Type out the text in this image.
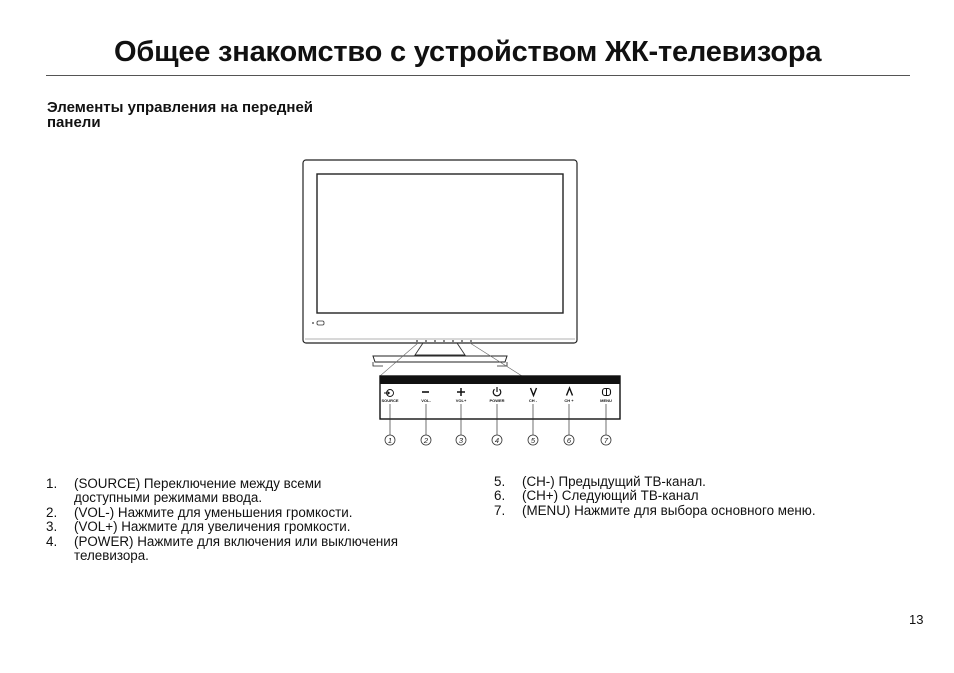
Общее знакомство с устройством ЖК-телевизора
Элементы управления на передней
панели
SOURCE	VOL-	VOL+	POWER	CH -	CH +	MENU
1	2	3	4	5	6	7
1. (SOURCE) Переключение между всеми
доступными режимами ввода.
2. (VOL-) Нажмите для уменьшения громкости.
3. (VOL+) Нажмите для увеличения громкости.
4. (POWER) Нажмите для включения или выключения
телевизора.
5. (CH-) Предыдущий ТВ-канал.
6. (CH+) Следующий ТВ-канал
7. (MENU) Нажмите для выбора основного меню.
13
